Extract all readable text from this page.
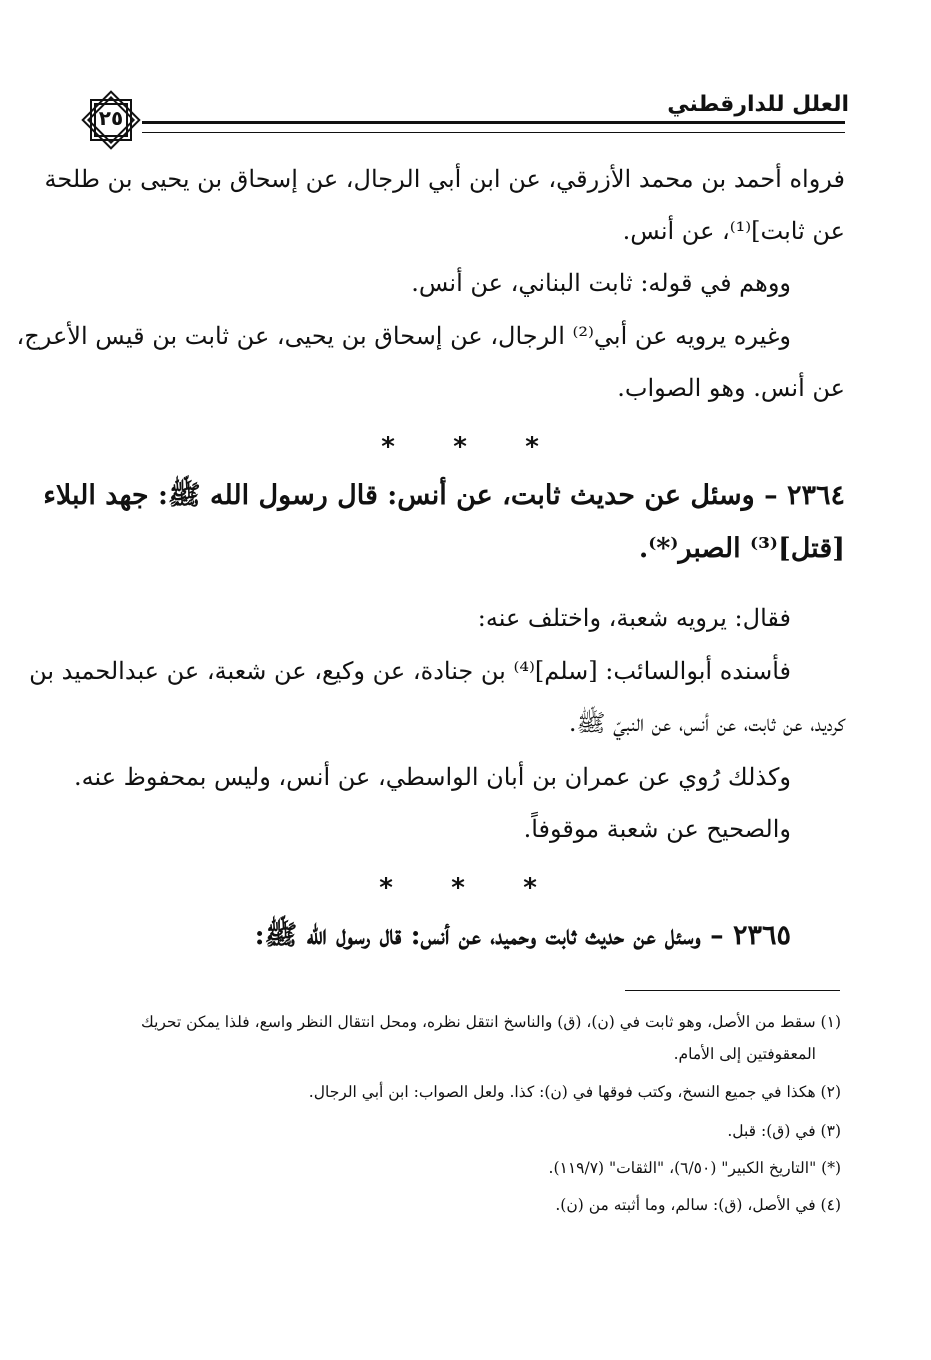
العلل للدارقطني
٢٥
فرواه أحمد بن محمد الأزرقي، عن ابن أبي الرجال، عن إسحاق بن يحيى بن طلحة
عن ثابت]⁽¹⁾، عن أنس.
ووهم في قوله: ثابت البناني، عن أنس.
وغيره يرويه عن أبي⁽²⁾ الرجال، عن إسحاق بن يحيى، عن ثابت بن قيس الأعرج،
عن أنس. وهو الصواب.
***
٢٣٦٤ – وسئل عن حديث ثابت، عن أنس: قال رسول الله ﷺ: جهد البلاء
[قتل]⁽³⁾ الصبر⁽*⁾.
فقال: يرويه شعبة، واختلف عنه:
فأسنده أبوالسائب: [سلم]⁽⁴⁾ بن جنادة، عن وكيع، عن شعبة، عن عبدالحميد بن
كرديد، عن ثابت، عن أنس، عن النبيّ ﷺ.
وكذلك رُوي عن عمران بن أبان الواسطي، عن أنس، وليس بمحفوظ عنه.
والصحيح عن شعبة موقوفاً.
***
٢٣٦٥ – وسئل عن حديث ثابت وحميد، عن أنس: قال رسول الله ﷺ:
(١) سقط من الأصل، وهو ثابت في (ن)، (ق) والناسخ انتقل نظره، ومحل انتقال النظر واسع، فلذا يمكن تحريك
المعقوفتين إلى الأمام.
(٢) هكذا في جميع النسخ، وكتب فوقها في (ن): كذا. ولعل الصواب: ابن أبي الرجال.
(٣) في (ق): قبل.
(*) "التاريخ الكبير" (٦/٥٠)، "الثقات" (١١٩/٧).
(٤) في الأصل، (ق): سالم، وما أثبته من (ن).
